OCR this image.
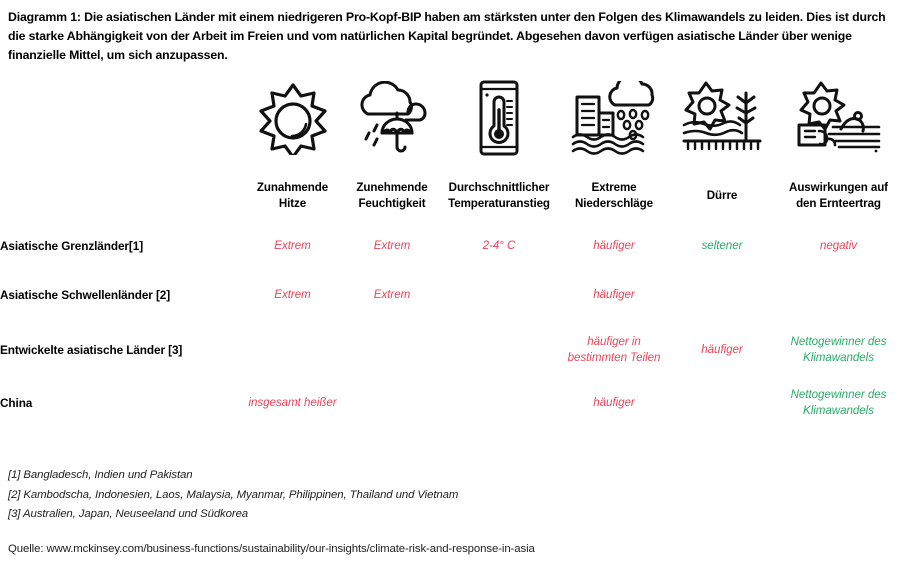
Diagramm 1: Die asiatischen Länder mit einem niedrigeren Pro-Kopf-BIP haben am stärksten unter den Folgen des Klimawandels zu leiden. Dies ist durch die starke Abhängigkeit von der Arbeit im Freien und vom natürlichen Kapital begründet. Abgesehen davon verfügen asiatische Länder über wenige finanzielle Mittel, um sich anzupassen.

Zunahmende
Hitze

Zunehmende
Feuchtigkeit

Durchschnittlicher
Temperaturanstieg

Extreme
Niederschläge

Dürre

Auswirkungen auf
den Ernteertrag

Asiatische Grenzländer[1]	Extrem	Extrem	2-4° C	häufiger	seltener	negativ
Asiatische Schwellenländer [2]	Extrem	Extrem		häufiger		
Entwickelte asiatische Länder [3]				häufiger in bestimmten Teilen	häufiger	Nettogewinner des Klimawandels
China	insgesamt heißer			häufiger		Nettogewinner des Klimawandels
[1] Bangladesch, Indien und Pakistan
[2] Kambodscha, Indonesien, Laos, Malaysia, Myanmar, Philippinen, Thailand und Vietnam
[3] Australien, Japan, Neuseeland und Südkorea
Quelle: www.mckinsey.com/business-functions/sustainability/our-insights/climate-risk-and-response-in-asia
